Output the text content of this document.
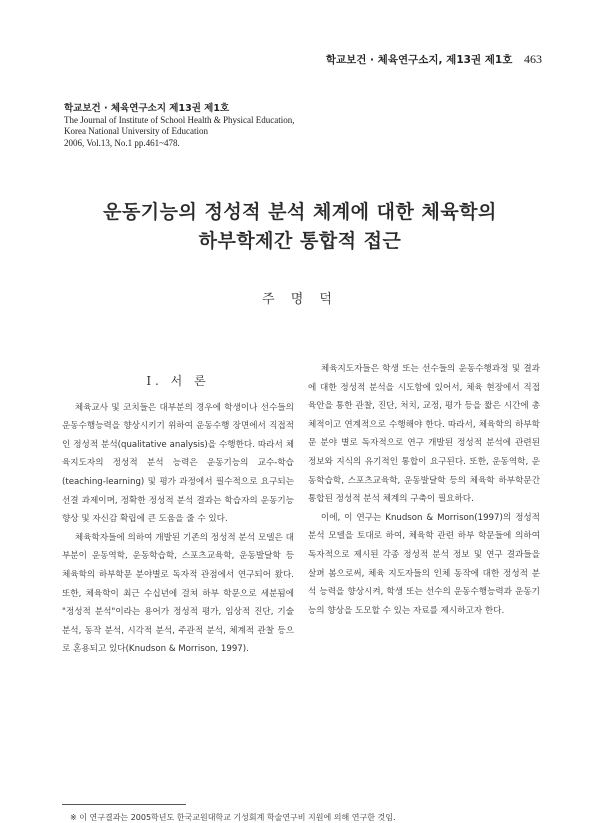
학교보건 · 체육연구소지, 제13권 제1호 463
학교보건 · 체육연구소지 제13권 제1호
The Journal of Institute of School Health & Physical Education,
Korea National University of Education
2006, Vol.13, No.1 pp.461~478.
운동기능의 정성적 분석 체계에 대한 체육학의
하부학제간 통합적 접근
주 명 덕
Ⅰ. 서 론

체육교사 및 코치들은 대부분의 경우에 학생이나 선수들의 운동수행능력을 향상시키기 위하여 운동수행 장면에서 직접적인 정성적 분석(qualitative analysis)을 수행한다. 따라서 체육지도자의 정성적 분석 능력은 운동기능의 교수-학습(teaching-learning) 및 평가 과정에서 필수적으로 요구되는 선결 과제이며, 정확한 정성적 분석 결과는 학습자의 운동기능 향상 및 자신감 확립에 큰 도움을 줄 수 있다.

체육학자들에 의하여 개발된 기존의 정성적 분석 모델은 대부분이 운동역학, 운동학습학, 스포츠교육학, 운동발달학 등 체육학의 하부학문 분야별로 독자적 관점에서 연구되어 왔다. 또한, 체육학이 최근 수십년에 걸쳐 하부 학문으로 세분됨에 "정성적 분석"이라는 용어가 정성적 평가, 임상적 진단, 기술 분석, 동작 분석, 시각적 분석, 주관적 분석, 체계적 관찰 등으로 혼용되고 있다(Knudson & Morrison, 1997).

체육지도자들은 학생 또는 선수들의 운동수행과정 및 결과에 대한 정성적 분석을 시도함에 있어서, 체육 현장에서 직접 육안을 통한 관찰, 진단, 처치, 교정, 평가 등을 짧은 시간에 총체적이고 연계적으로 수행해야 한다. 따라서, 체육학의 하부학문 분야 별로 독자적으로 연구 개발된 정성적 분석에 관련된 정보와 지식의 유기적인 통합이 요구된다. 또한, 운동역학, 운동학습학, 스포츠교육학, 운동발달학 등의 체육학 하부학문간 통합된 정성적 분석 체계의 구축이 필요하다.

이에, 이 연구는 Knudson & Morrison(1997)의 정성적 분석 모델을 토대로 하여, 체육학 관련 하부 학문들에 의하여 독자적으로 제시된 각종 정성적 분석 정보 및 연구 결과들을 살펴 봄으로써, 체육 지도자들의 인체 동작에 대한 정성적 분석 능력을 향상시켜, 학생 또는 선수의 운동수행능력과 운동기능의 향상을 도모할 수 있는 자료를 제시하고자 한다.

※ 이 연구결과는 2005학년도 한국교원대학교 기성회계 학술연구비 지원에 의해 연구한 것임.
